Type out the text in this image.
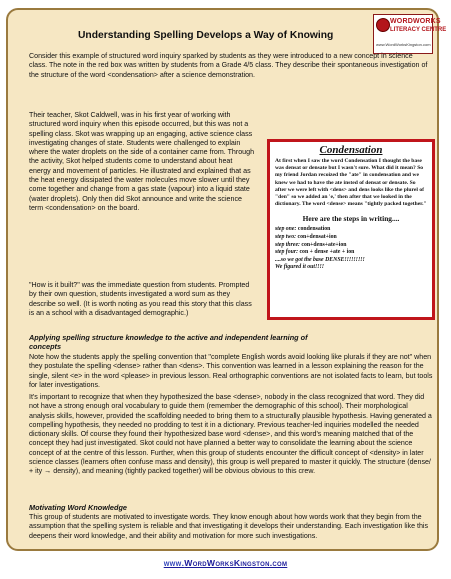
WORDWORKS
LITERACY CENTRE
www.WordWorksKingston.com
Understanding Spelling Develops a Way of Knowing
Consider this example of structured word inquiry sparked by students as they were introduced to a new concept in science class. The note in the red box was written by students from a Grade 4/5 class. They describe their spontaneous investigation of the structure of the word <condensation> after a science demonstration.
Their teacher, Skot Caldwell, was in his first year of working with structured word inquiry when this episode occurred, but this was not a spelling class. Skot was wrapping up an engaging, active science class investigating changes of state. Students were challenged to explain where the water droplets on the side of a container came from. Through the activity, Skot helped students come to understand about heat energy and movement of particles. He illustrated and explained that as the heat energy dissipated the water molecules move slower until they come together and change from a gas state (vapour) into a liquid state (water droplets). Only then did Skot announce and write the science term <condensation> on the board.
"How is it built?" was the immediate question from students. Prompted by their own question, students investigated a word sum as they describe so well. (It is worth noting as you read this story that this class is an a school with a disadvantaged demographic.)
Condensation
At first when I saw the word Condensation I thought the base was densat or densate but I wasn't sure. What did it mean? So my friend Jordan recoized the "ate" in condensation and we knew we had to have the ate insted of densat or densate. So after we were left with <dens> and dens looks like the plurel of "den" so we added an 'e,' then after that we looked in the dictionary. The word <dense> means "tightly packed together."
Here are the steps in writing....
step one: condensation
step two: con+densat+ion
step three: con+dens+ate+ion
step four: con + dense +ate + ion
....so we got the base DENSE!!!!!!!!!
We figured it out!!!!
Applying spelling structure knowledge to the active and independent learning of concepts
Note how the students apply the spelling convention that "complete English words avoid looking like plurals if they are not" when they postulate the spelling <dense> rather than <dens>. This convention was learned in a lesson explaining the reason for the single, silent <e> in the word <please> in previous lesson. Real orthographic conventions are not isolated facts to learn, but tools for later investigations.
It's important to recognize that when they hypothesized the base <dense>, nobody in the class recognized that word. They did not have a strong enough oral vocabulary to guide them (remember the demographic of this school). Their morphological analysis skills, however, provided the scaffolding needed to bring them to a structurally plausible hypothesis. Having generated a compelling hypothesis, they needed no prodding to test it in a dictionary. Previous teacher-led inquiries modelled the needed dictionary skills. Of course they found their hypothesized base word <dense>, and this word's meaning matched that of the concept they had just investigated. Skot could not have planned a better way to consolidate the learning about the science concept of at the centre of this lesson. Further, when this group of students encounter the difficult concept of <density> in later science classes (learners often confuse mass and density), this group is well prepared to master it quickly. The structure (dense/ + ity → density), and meaning (tightly packed together) will be obvious obvious to this crew.
Motivating Word Knowledge
This group of students are motivated to investigate words. They know enough about how words work that they begin from the assumption that the spelling system is reliable and that investigating it develops their understanding. Each investigation like this deepens their word knowledge, and their ability and motivation for more such investigations.
www.WordWorksKingston.com
